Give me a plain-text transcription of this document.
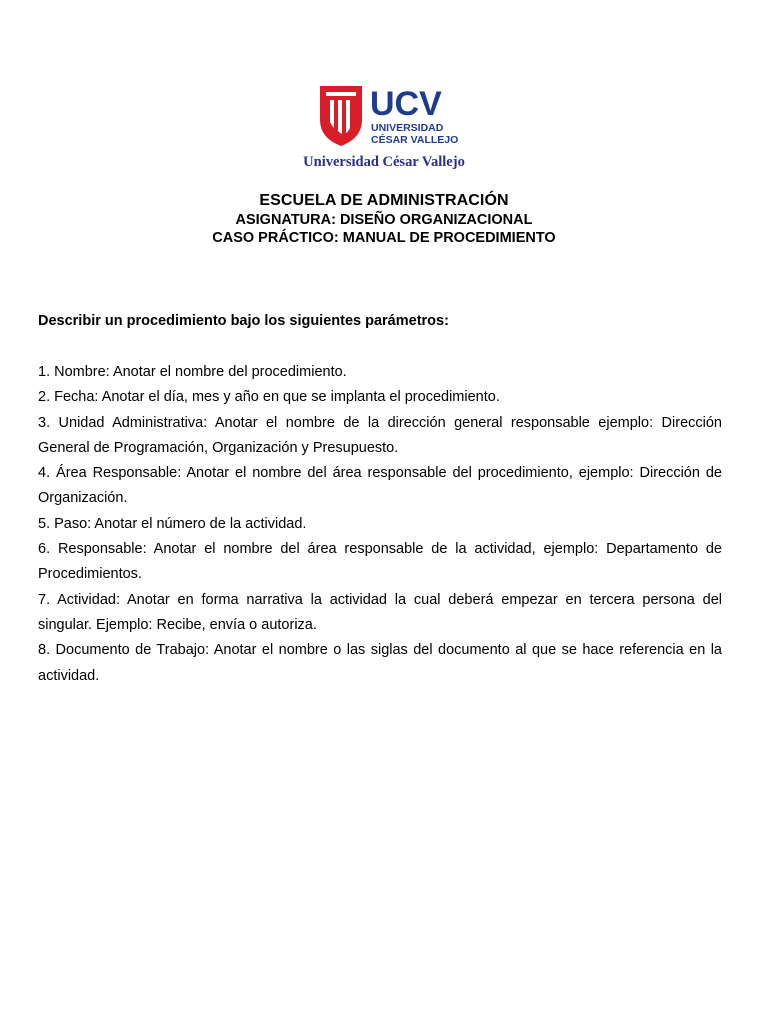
UCV
UNIVERSIDAD
CÉSAR VALLEJO
Universidad César Vallejo
ESCUELA DE ADMINISTRACIÓN
ASIGNATURA: DISEÑO ORGANIZACIONAL
CASO PRÁCTICO: MANUAL DE PROCEDIMIENTO
Describir un procedimiento bajo los siguientes parámetros:
1. Nombre: Anotar el nombre del procedimiento.
2. Fecha: Anotar el día, mes y año en que se implanta el procedimiento.
3. Unidad Administrativa: Anotar el nombre de la dirección general responsable ejemplo: Dirección General de Programación, Organización y Presupuesto.
4. Área Responsable: Anotar el nombre del área responsable del procedimiento, ejemplo: Dirección de Organización.
5. Paso: Anotar el número de la actividad.
6. Responsable: Anotar el nombre del área responsable de la actividad, ejemplo: Departamento de Procedimientos.
7. Actividad: Anotar en forma narrativa la actividad la cual deberá empezar en tercera persona del singular. Ejemplo: Recibe, envía o autoriza.
8. Documento de Trabajo: Anotar el nombre o las siglas del documento al que se hace referencia en la actividad.
